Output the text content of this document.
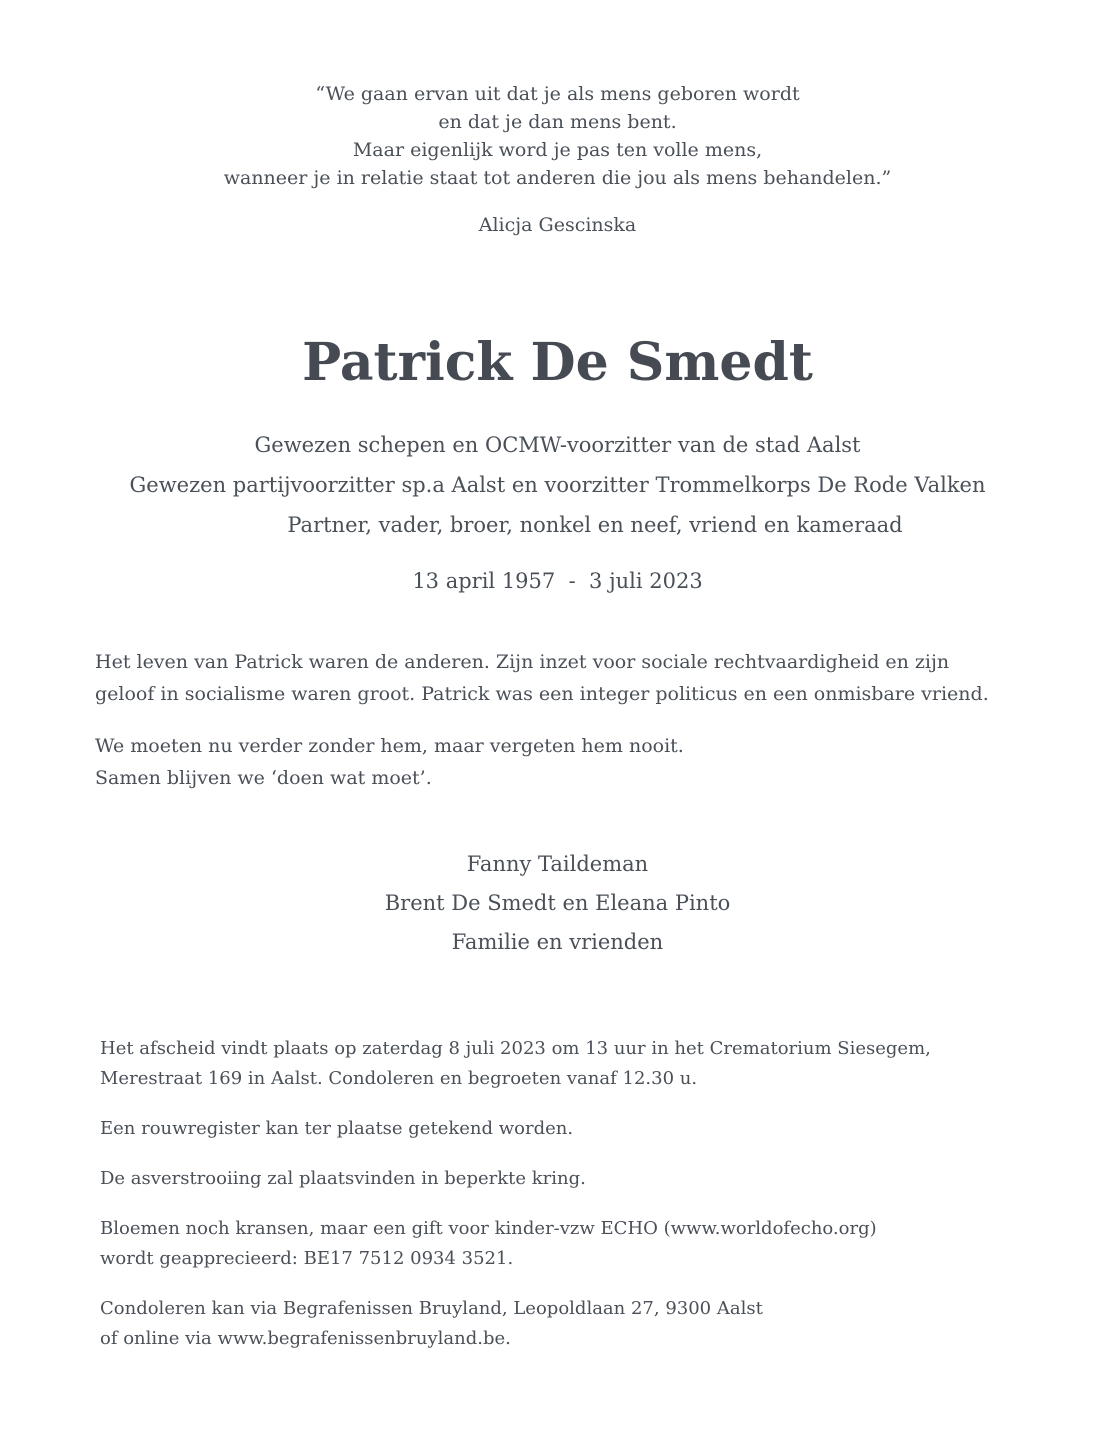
“We gaan ervan uit dat je als mens geboren wordt
en dat je dan mens bent.
Maar eigenlijk word je pas ten volle mens,
wanneer je in relatie staat tot anderen die jou als mens behandelen.”
Alicja Gescinska
Patrick De Smedt
Gewezen schepen en OCMW-voorzitter van de stad Aalst
Gewezen partijvoorzitter sp.a Aalst en voorzitter Trommelkorps De Rode Valken
Partner, vader, broer, nonkel en neef, vriend en kameraad
13 april 1957  -  3 juli 2023

Het leven van Patrick waren de anderen. Zijn inzet voor sociale rechtvaardigheid en zijn
geloof in socialisme waren groot. Patrick was een integer politicus en een onmisbare vriend.

We moeten nu verder zonder hem, maar vergeten hem nooit.
Samen blijven we ‘doen wat moet’.

Fanny Taildeman
Brent De Smedt en Eleana Pinto
Familie en vrienden

Het afscheid vindt plaats op zaterdag 8 juli 2023 om 13 uur in het Crematorium Siesegem,
Merestraat 169 in Aalst. Condoleren en begroeten vanaf 12.30 u.

Een rouwregister kan ter plaatse getekend worden.

De asverstrooiing zal plaatsvinden in beperkte kring.

Bloemen noch kransen, maar een gift voor kinder-vzw ECHO (www.worldofecho.org)
wordt geapprecieerd: BE17 7512 0934 3521.

Condoleren kan via Begrafenissen Bruyland, Leopoldlaan 27, 9300 Aalst
of online via www.begrafenissenbruyland.be.
